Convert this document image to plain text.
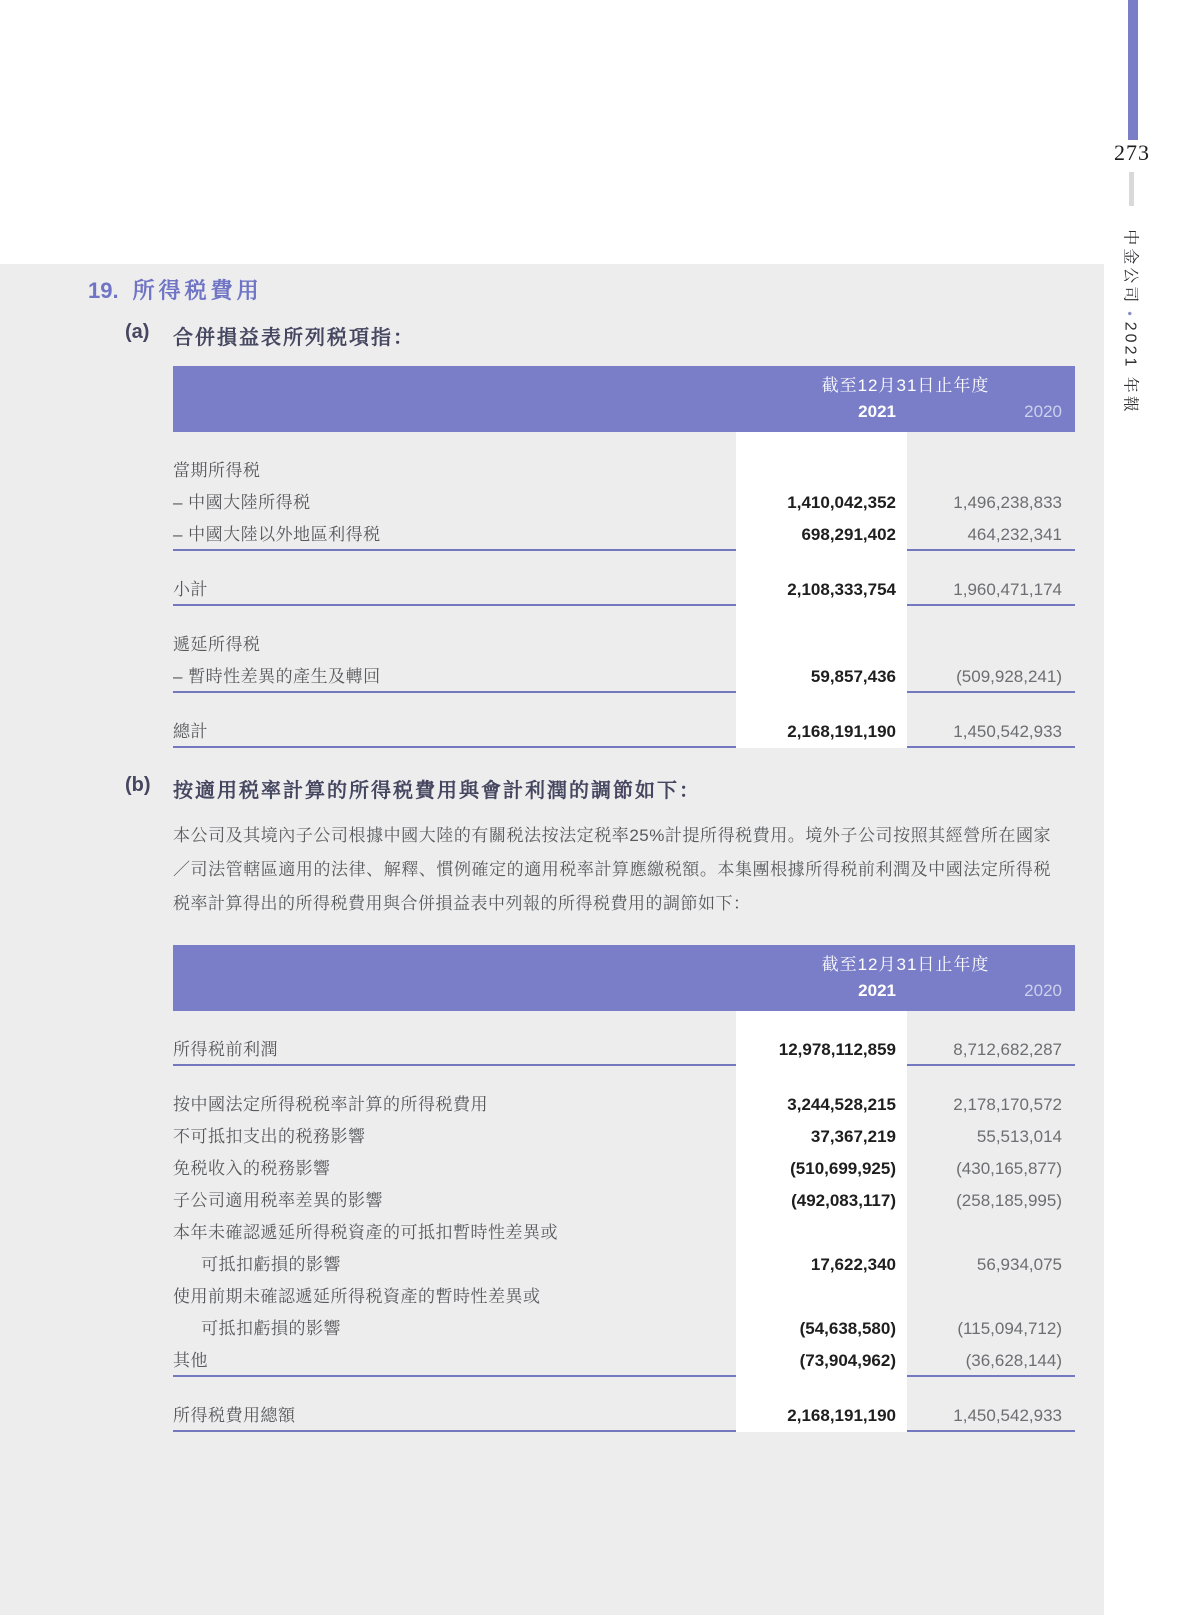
273
中金公司•2021 年報
19. 所得税費用
(a)	合併損益表所列税項指：
截至12月31日止年度
2021	2020
當期所得税
– 中國大陸所得税	1,410,042,352	1,496,238,833
– 中國大陸以外地區利得税	698,291,402	464,232,341
小計	2,108,333,754	1,960,471,174
遞延所得税
– 暫時性差異的產生及轉回	59,857,436	(509,928,241)
總計	2,168,191,190	1,450,542,933
(b)	按適用税率計算的所得税費用與會計利潤的調節如下：

本公司及其境內子公司根據中國大陸的有關税法按法定税率25%計提所得税費用。境外子公司按照其經營所在國家／司法管轄區適用的法律、解釋、慣例確定的適用税率計算應繳税額。本集團根據所得税前利潤及中國法定所得税税率計算得出的所得税費用與合併損益表中列報的所得税費用的調節如下：

截至12月31日止年度
2021	2020
所得税前利潤	12,978,112,859	8,712,682,287
按中國法定所得税税率計算的所得税費用	3,244,528,215	2,178,170,572
不可抵扣支出的税務影響	37,367,219	55,513,014
免税收入的税務影響	(510,699,925)	(430,165,877)
子公司適用税率差異的影響	(492,083,117)	(258,185,995)
本年未確認遞延所得税資產的可抵扣暫時性差異或
可抵扣虧損的影響	17,622,340	56,934,075
使用前期未確認遞延所得税資產的暫時性差異或
可抵扣虧損的影響	(54,638,580)	(115,094,712)
其他	(73,904,962)	(36,628,144)
所得税費用總額	2,168,191,190	1,450,542,933
